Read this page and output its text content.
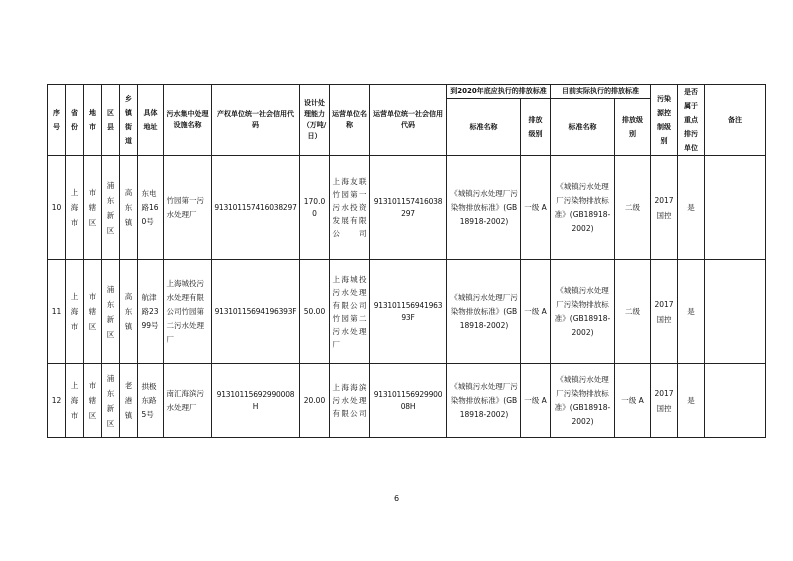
序号	省份	地市	区县	乡镇街道	具体地址	污水集中处理设施名称	产权单位统一社会信用代码	设计处理能力（万吨/日）	运营单位名称	运营单位统一社会信用代码	到2020年底应执行的排放标准		目前实际执行的排放标准		污染源控制级别	是否属于重点排污单位	备注
											标准名称	排放级别	标准名称	排放级别			
10	上海市	市辖区	浦东新区	高东镇	东电路160号	竹园第一污水处理厂	91310115741603829​7	170.00	上海友联竹园第一污水投资发展有限公司	913101157416038297	《城镇污水处理厂污染物排放标准》(GB18918-2002)	一级 A	《城镇污水处理厂污染物排放标准》(GB18918-2002)	二级	2017国控	是	
11	上海市	市辖区	浦东新区	高东镇	航津路2399号	上海城投污水处理有限公司竹园第二污水处理厂	91310115694196393F	50.00	上海城投污水处理有限公司竹园第二污水处理厂	91310115694196393F	《城镇污水处理厂污染物排放标准》(GB18918-2002)	一级 A	《城镇污水处理厂污染物排放标准》(GB18918-2002)	二级	2017国控	是	
12	上海市	市辖区	浦东新区	老港镇	拱极东路5号	南汇海滨污水处理厂	91310115692990008H	20.00	上海海滨污水处理有限公司	91310115692990008H	《城镇污水处理厂污染物排放标准》(GB18918-2002)	一级 A	《城镇污水处理厂污染物排放标准》(GB18918-2002)	一级 A	2017国控	是	
6
